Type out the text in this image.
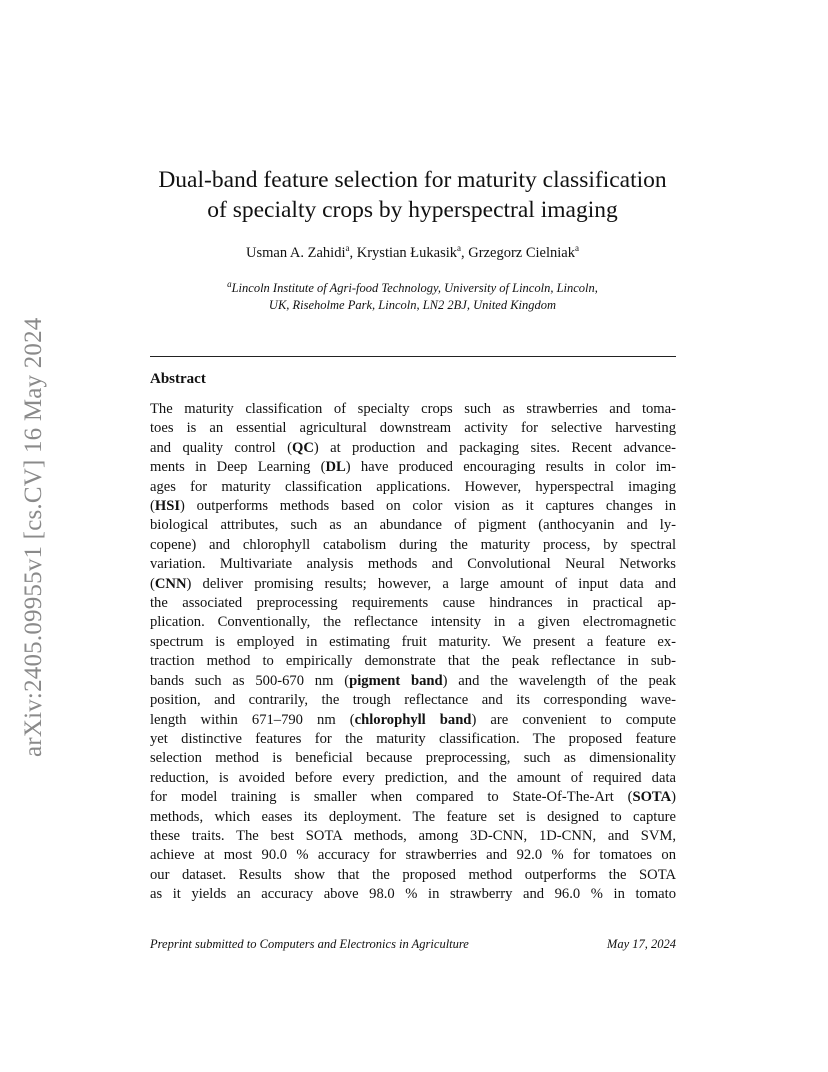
arXiv:2405.09955v1 [cs.CV] 16 May 2024
Dual-band feature selection for maturity classification
of specialty crops by hyperspectral imaging
Usman A. Zahidi$^a$, Krystian Łukasik$^a$, Grzegorz Cielniak$^a$
$^a$Lincoln Institute of Agri-food Technology, University of Lincoln, Lincoln,
UK, Riseholme Park, Lincoln, LN2 2BJ, United Kingdom
Abstract
The maturity classification of specialty crops such as strawberries and toma-
toes is an essential agricultural downstream activity for selective harvesting
and quality control (QC) at production and packaging sites. Recent advance-
ments in Deep Learning (DL) have produced encouraging results in color im-
ages for maturity classification applications. However, hyperspectral imaging
(HSI) outperforms methods based on color vision as it captures changes in
biological attributes, such as an abundance of pigment (anthocyanin and ly-
copene) and chlorophyll catabolism during the maturity process, by spectral
variation. Multivariate analysis methods and Convolutional Neural Networks
(CNN) deliver promising results; however, a large amount of input data and
the associated preprocessing requirements cause hindrances in practical ap-
plication. Conventionally, the reflectance intensity in a given electromagnetic
spectrum is employed in estimating fruit maturity. We present a feature ex-
traction method to empirically demonstrate that the peak reflectance in sub-
bands such as 500-670 nm (pigment band) and the wavelength of the peak
position, and contrarily, the trough reflectance and its corresponding wave-
length within 671–790 nm (chlorophyll band) are convenient to compute
yet distinctive features for the maturity classification. The proposed feature
selection method is beneficial because preprocessing, such as dimensionality
reduction, is avoided before every prediction, and the amount of required data
for model training is smaller when compared to State-Of-The-Art (SOTA)
methods, which eases its deployment. The feature set is designed to capture
these traits. The best SOTA methods, among 3D-CNN, 1D-CNN, and SVM,
achieve at most 90.0 % accuracy for strawberries and 92.0 % for tomatoes on
our dataset. Results show that the proposed method outperforms the SOTA
as it yields an accuracy above 98.0 % in strawberry and 96.0 % in tomato
Preprint submitted to Computers and Electronics in Agriculture	May 17, 2024
